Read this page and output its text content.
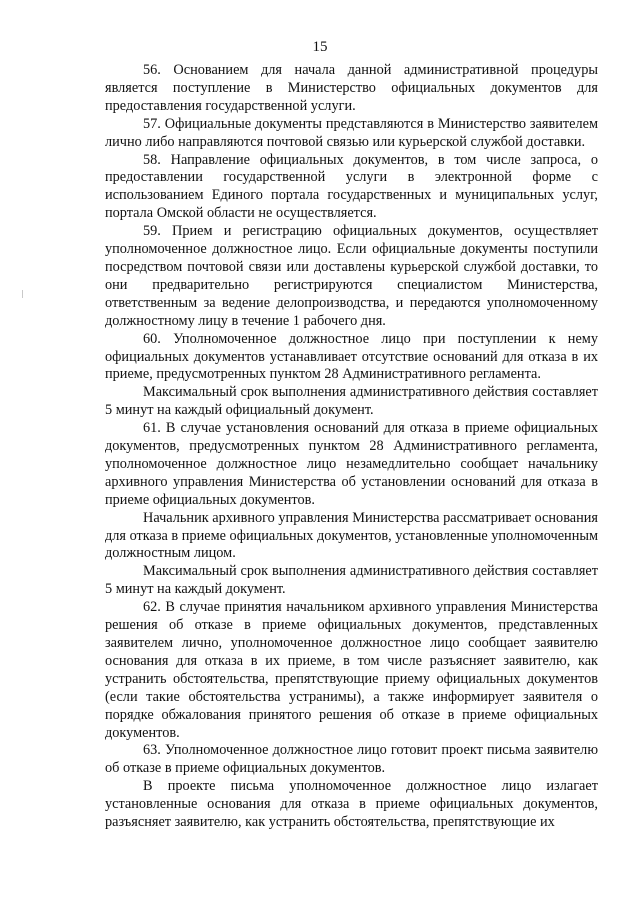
15

56. Основанием для начала данной административной процедуры является поступление в Министерство официальных документов для предоставления государственной услуги.

57. Официальные документы представляются в Министерство заявителем лично либо направляются почтовой связью или курьерской службой доставки.

58. Направление официальных документов, в том числе запроса, о предоставлении государственной услуги в электронной форме с использованием Единого портала государственных и муниципальных услуг, портала Омской области не осуществляется.

59. Прием и регистрацию официальных документов, осуществляет уполномоченное должностное лицо. Если официальные документы поступили посредством почтовой связи или доставлены курьерской службой доставки, то они предварительно регистрируются специалистом Министерства, ответственным за ведение делопроизводства, и передаются уполномоченному должностному лицу в течение 1 рабочего дня.

60. Уполномоченное должностное лицо при поступлении к нему официальных документов устанавливает отсутствие оснований для отказа в их приеме, предусмотренных пунктом 28 Административного регламента.

Максимальный срок выполнения административного действия составляет 5 минут на каждый официальный документ.

61. В случае установления оснований для отказа в приеме официальных документов, предусмотренных пунктом 28 Административного регламента, уполномоченное должностное лицо незамедлительно сообщает начальнику архивного управления Министерства об установлении оснований для отказа в приеме официальных документов.

Начальник архивного управления Министерства рассматривает основания для отказа в приеме официальных документов, установленные уполномоченным должностным лицом.

Максимальный срок выполнения административного действия составляет 5 минут на каждый документ.

62. В случае принятия начальником архивного управления Министерства решения об отказе в приеме официальных документов, представленных заявителем лично, уполномоченное должностное лицо сообщает заявителю основания для отказа в их приеме, в том числе разъясняет заявителю, как устранить обстоятельства, препятствующие приему официальных документов (если такие обстоятельства устранимы), а также информирует заявителя о порядке обжалования принятого решения об отказе в приеме официальных документов.

63. Уполномоченное должностное лицо готовит проект письма заявителю об отказе в приеме официальных документов.

В проекте письма уполномоченное должностное лицо излагает установленные основания для отказа в приеме официальных документов, разъясняет заявителю, как устранить обстоятельства, препятствующие их
